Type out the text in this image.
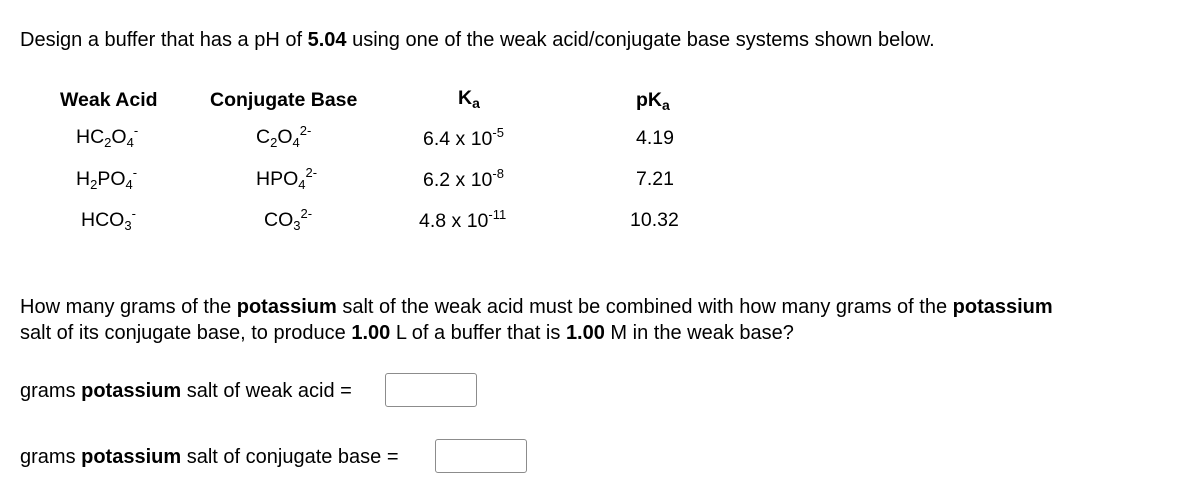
Design a buffer that has a pH of 5.04 using one of the weak acid/conjugate base systems shown below.
Weak Acid	Conjugate Base	$K_a$	$pK_a$
$HC_2O_4^-$	$C_2O_4^{2-}$	6.4 x $10^{-5}$	4.19
$H_2PO_4^-$	$HPO_4^{2-}$	6.2 x $10^{-8}$	7.21
$HCO_3^-$	$CO_3^{2-}$	4.8 x $10^{-11}$	10.32
How many grams of the potassium salt of the weak acid must be combined with how many grams of the potassium
salt of its conjugate base, to produce 1.00 L of a buffer that is 1.00 M in the weak base?
grams potassium salt of weak acid =
grams potassium salt of conjugate base =
